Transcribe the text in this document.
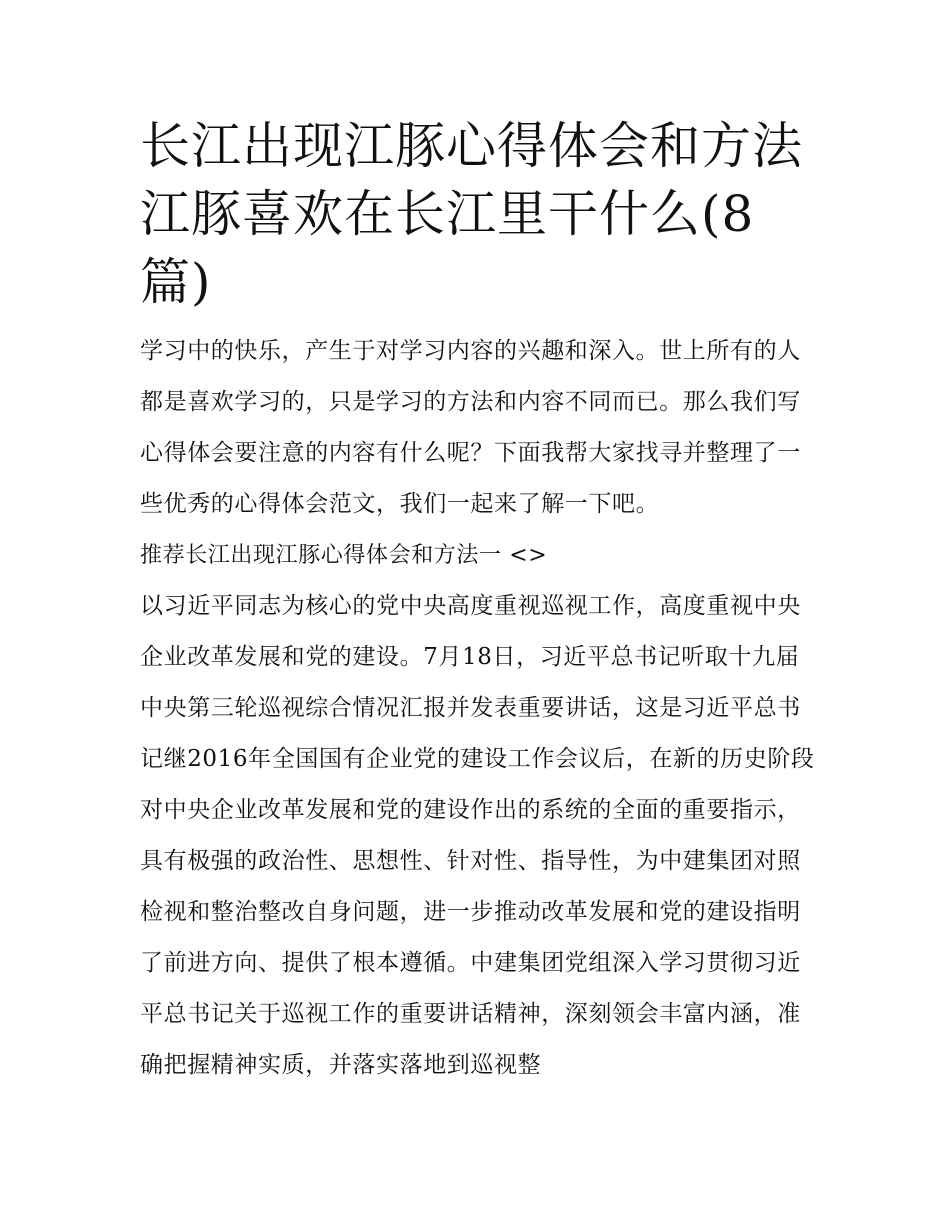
长江出现江豚心得体会和方法 江豚喜欢在长江里干什么(8篇)

学习中的快乐，产生于对学习内容的兴趣和深入。世上所有的人都是喜欢学习的，只是学习的方法和内容不同而已。那么我们写心得体会要注意的内容有什么呢？下面我帮大家找寻并整理了一些优秀的心得体会范文，我们一起来了解一下吧。

推荐长江出现江豚心得体会和方法一 <>

以习近平同志为核心的党中央高度重视巡视工作，高度重视中央企业改革发展和党的建设。7月18日，习近平总书记听取十九届中央第三轮巡视综合情况汇报并发表重要讲话，这是习近平总书记继2016年全国国有企业党的建设工作会议后，在新的历史阶段对中央企业改革发展和党的建设作出的系统的全面的重要指示，具有极强的政治性、思想性、针对性、指导性，为中建集团对照检视和整治整改自身问题，进一步推动改革发展和党的建设指明了前进方向、提供了根本遵循。中建集团党组深入学习贯彻习近平总书记关于巡视工作的重要讲话精神，深刻领会丰富内涵，准确把握精神实质，并落实落地到巡视整
